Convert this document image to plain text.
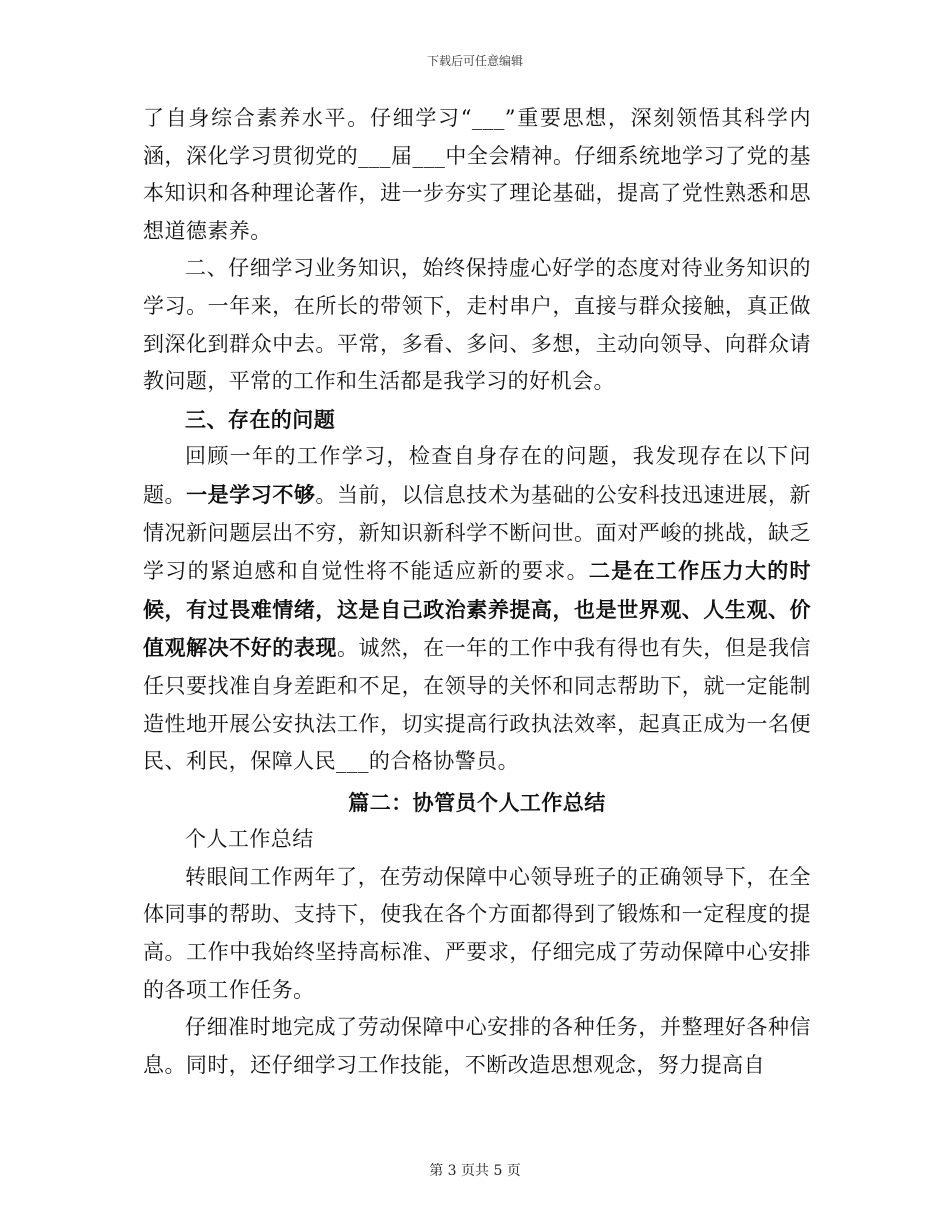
下载后可任意编辑

了自身综合素养水平。仔细学习“___”重要思想，深刻领悟其科学内涵，深化学习贯彻党的___届___中全会精神。仔细系统地学习了党的基本知识和各种理论著作，进一步夯实了理论基础，提高了党性熟悉和思想道德素养。

二、仔细学习业务知识，始终保持虚心好学的态度对待业务知识的学习。一年来，在所长的带领下，走村串户，直接与群众接触，真正做到深化到群众中去。平常，多看、多问、多想，主动向领导、向群众请教问题，平常的工作和生活都是我学习的好机会。

三、存在的问题

回顾一年的工作学习，检查自身存在的问题，我发现存在以下问题。一是学习不够。当前，以信息技术为基础的公安科技迅速进展，新情况新问题层出不穷，新知识新科学不断问世。面对严峻的挑战，缺乏学习的紧迫感和自觉性将不能适应新的要求。二是在工作压力大的时候，有过畏难情绪，这是自己政治素养提高，也是世界观、人生观、价值观解决不好的表现。诚然，在一年的工作中我有得也有失，但是我信任只要找准自身差距和不足，在领导的关怀和同志帮助下，就一定能制造性地开展公安执法工作，切实提高行政执法效率，起真正成为一名便民、利民，保障人民___的合格协警员。

篇二：协管员个人工作总结

个人工作总结

转眼间工作两年了，在劳动保障中心领导班子的正确领导下，在全体同事的帮助、支持下，使我在各个方面都得到了锻炼和一定程度的提高。工作中我始终坚持高标准、严要求，仔细完成了劳动保障中心安排的各项工作任务。

仔细准时地完成了劳动保障中心安排的各种任务，并整理好各种信息。同时，还仔细学习工作技能，不断改造思想观念，努力提高自

第 3 页共 5 页
